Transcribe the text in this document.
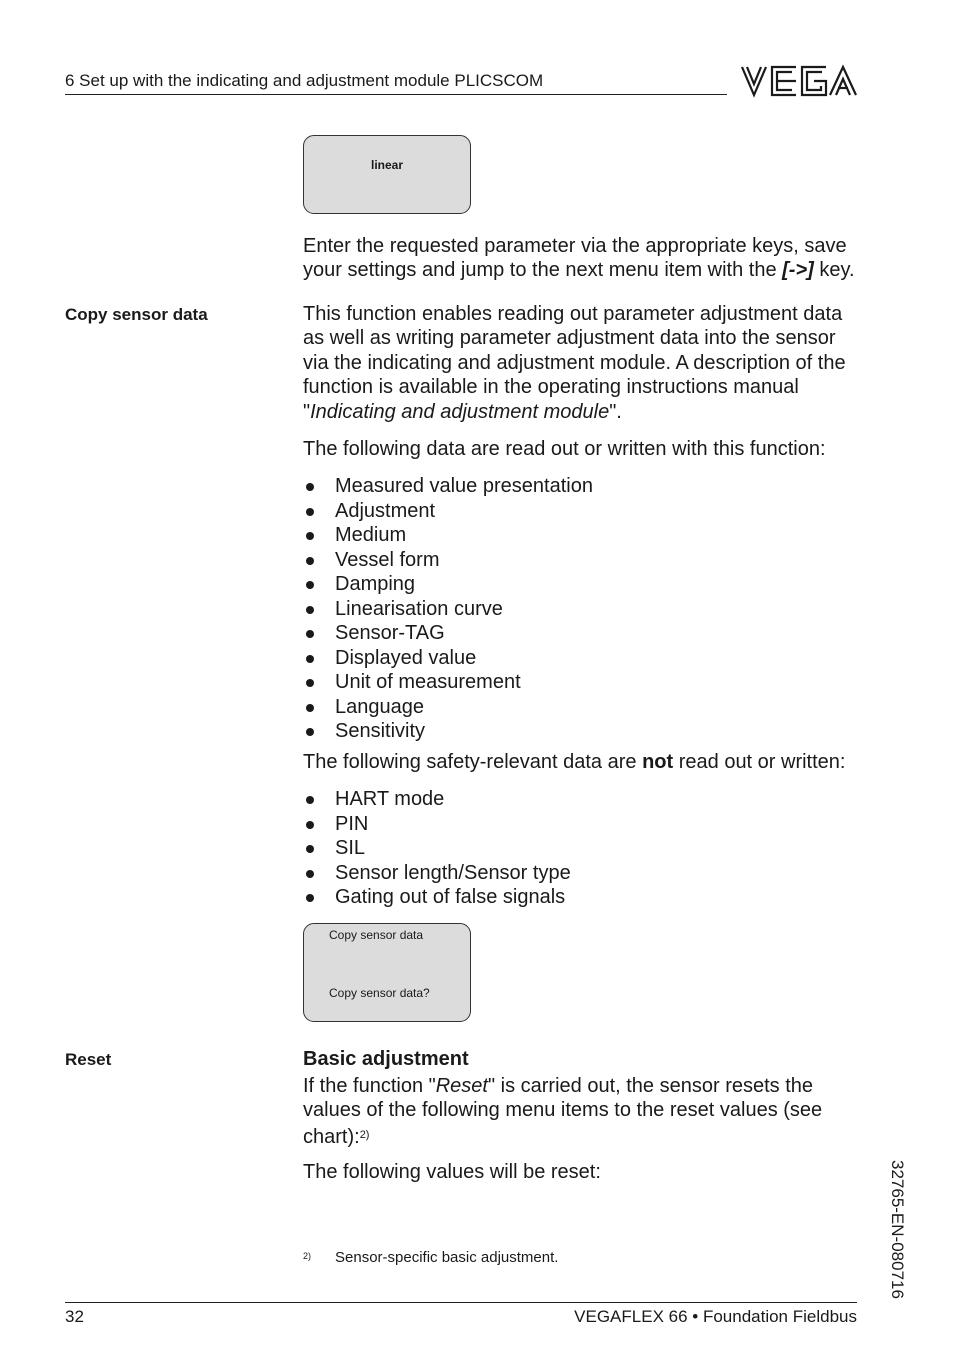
6 Set up with the indicating and adjustment module PLICSCOM
linear

Enter the requested parameter via the appropriate keys, save your settings and jump to the next menu item with the [->] key.

Copy sensor data	This function enables reading out parameter adjustment data as well as writing parameter adjustment data into the sensor via the indicating and adjustment module. A description of the function is available in the operating instructions manual "Indicating and adjustment module".

The following data are read out or written with this function:
Measured value presentation
Adjustment
Medium
Vessel form
Damping
Linearisation curve
Sensor-TAG
Displayed value
Unit of measurement
Language
Sensitivity

The following safety-relevant data are not read out or written:

HART mode
PIN
SIL
Sensor length/Sensor type
Gating out of false signals
Copy sensor data
Copy sensor data?
Reset	Basic adjustment

If the function "Reset" is carried out, the sensor resets the values of the following menu items to the reset values (see chart):$^{2)}$

The following values will be reset:
2) Sensor-specific basic adjustment.	32765-EN-080716
32	VEGAFLEX 66 • Foundation Fieldbus
